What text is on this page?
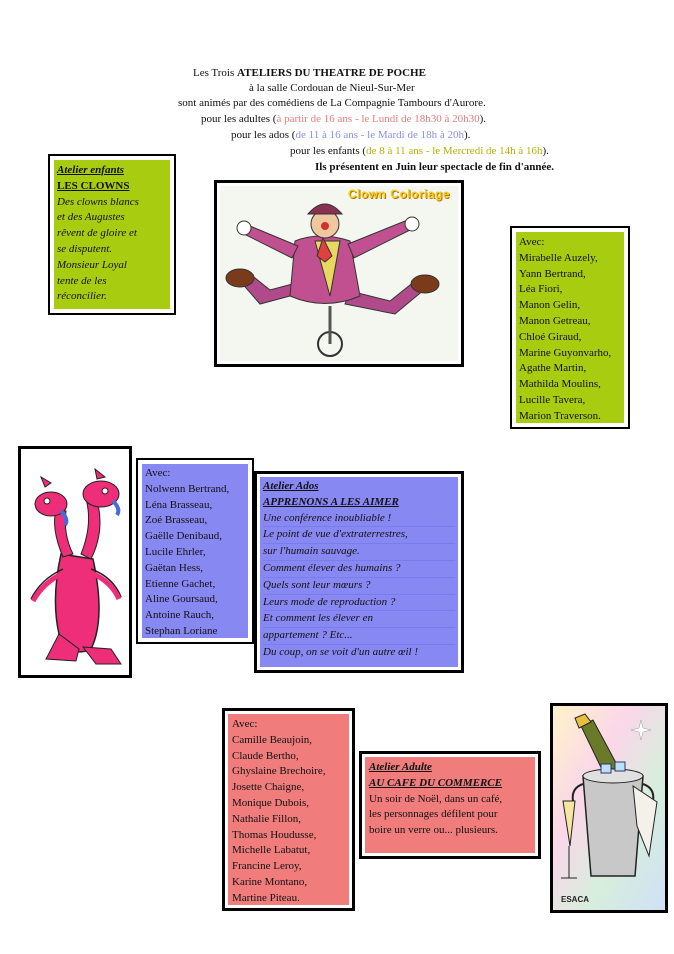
Les Trois ATELIERS DU THEATRE DE POCHE
à la salle Cordouan de Nieul-Sur-Mer
sont animés par des comédiens de La Compagnie Tambours d'Aurore.
pour les adultes (à partir de 16 ans - le Lundi de 18h30 à 20h30).
pour les ados (de 11 à 16 ans - le Mardi de 18h à 20h).
pour les enfants (de 8 à 11 ans - le Mercredi de 14h à 16h).
Ils présentent en Juin leur spectacle de fin d'année.
Atelier enfants
LES CLOWNS
Des clowns blancs
et des Augustes
rêvent de gloire et
se disputent.
Monsieur Loyal
tente de les
réconcilier.
Clown Coloriage
Avec:
Mirabelle Auzely,
Yann Bertrand,
Léa Fiori,
Manon Gelin,
Manon Getreau,
Chloé Giraud,
Marine Guyonvarho,
Agathe Martin,
Mathilda Moulins,
Lucille Tavera,
Marion Traverson.
Avec:
Nolwenn Bertrand,
Léna Brasseau,
Zoé Brasseau,
Gaëlle Denibaud,
Lucile Ehrler,
Gaëtan Hess,
Etienne Gachet,
Aline Goursaud,
Antoine Rauch,
Stephan Loriane
Atelier Ados
APPRENONS A LES AIMER
Une conférence inoubliable !
Le point de vue d'extraterrestres,
sur l'humain sauvage.
Comment élever des humains ?
Quels sont leur mœurs ?
Leurs mode de reproduction ?
Et comment les élever en
appartement ? Etc...
Du coup, on se voit d'un autre œil !
Avec:
Camille Beaujoin,
Claude Bertho,
Ghyslaine Brechoire,
Josette Chaigne,
Monique Dubois,
Nathalie Fillon,
Thomas Houdusse,
Michelle Labatut,
Francine Leroy,
Karine Montano,
Martine Piteau.
Atelier Adulte
AU CAFE DU COMMERCE
Un soir de Noël, dans un café,
les personnages défilent pour
boire un verre ou... plusieurs.
ESACA
